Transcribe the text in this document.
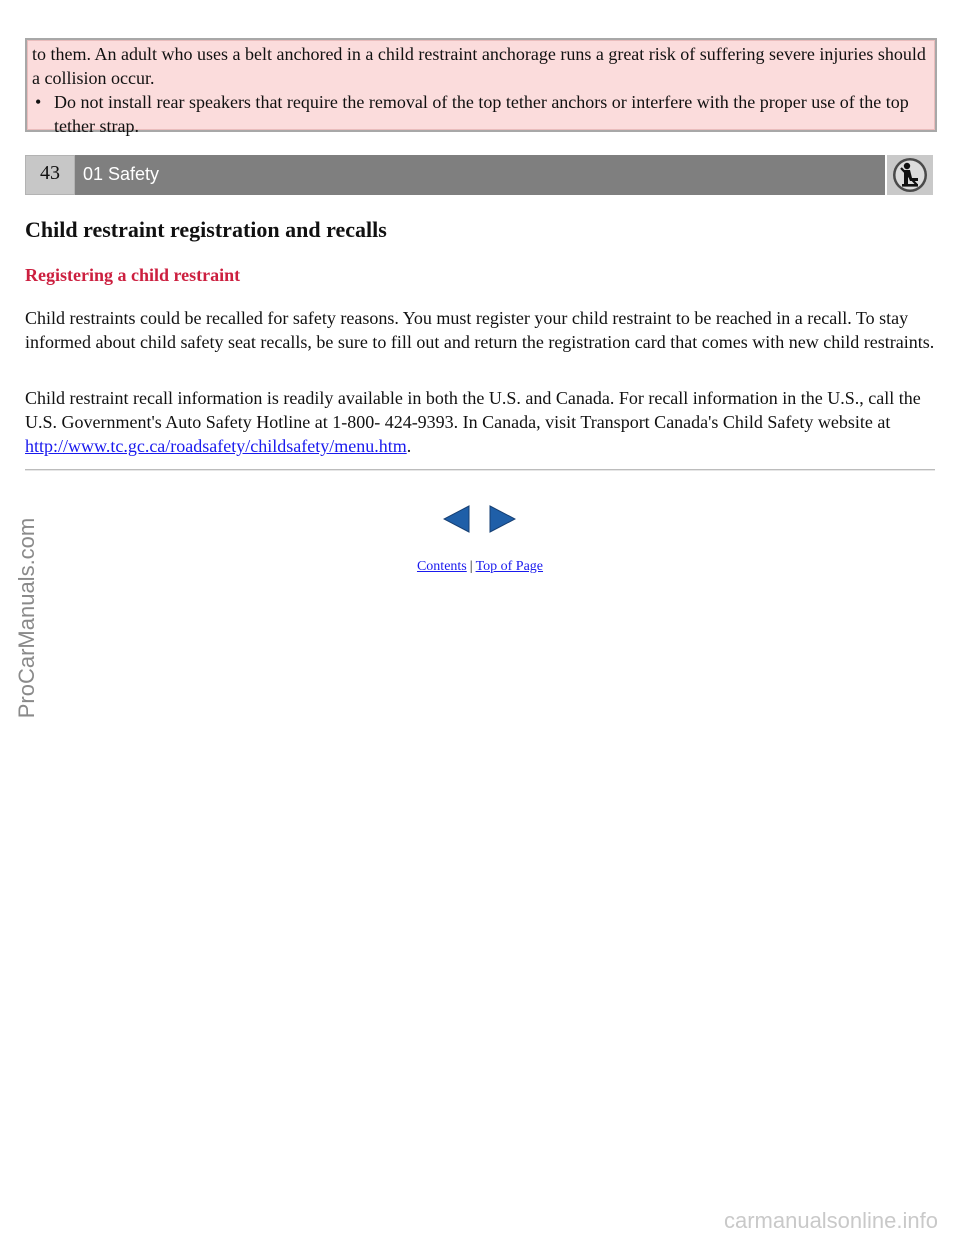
ProCarManuals.com

to them. An adult who uses a belt anchored in a child restraint anchorage runs a great risk of suffering severe injuries should a collision occur.

• Do not install rear speakers that require the removal of the top tether anchors or interfere with the proper use of the top tether strap.
43	01 Safety
Child restraint registration and recalls
Registering a child restraint

Child restraints could be recalled for safety reasons. You must register your child restraint to be reached in a recall. To stay informed about child safety seat recalls, be sure to fill out and return the registration card that comes with new child restraints.

Child restraint recall information is readily available in both the U.S. and Canada. For recall information in the U.S., call the U.S. Government's Auto Safety Hotline at 1-800- 424-9393. In Canada, visit Transport Canada's Child Safety website at http://www.tc.gc.ca/roadsafety/childsafety/menu.htm.

Contents | Top of Page
carmanualsonline.info
